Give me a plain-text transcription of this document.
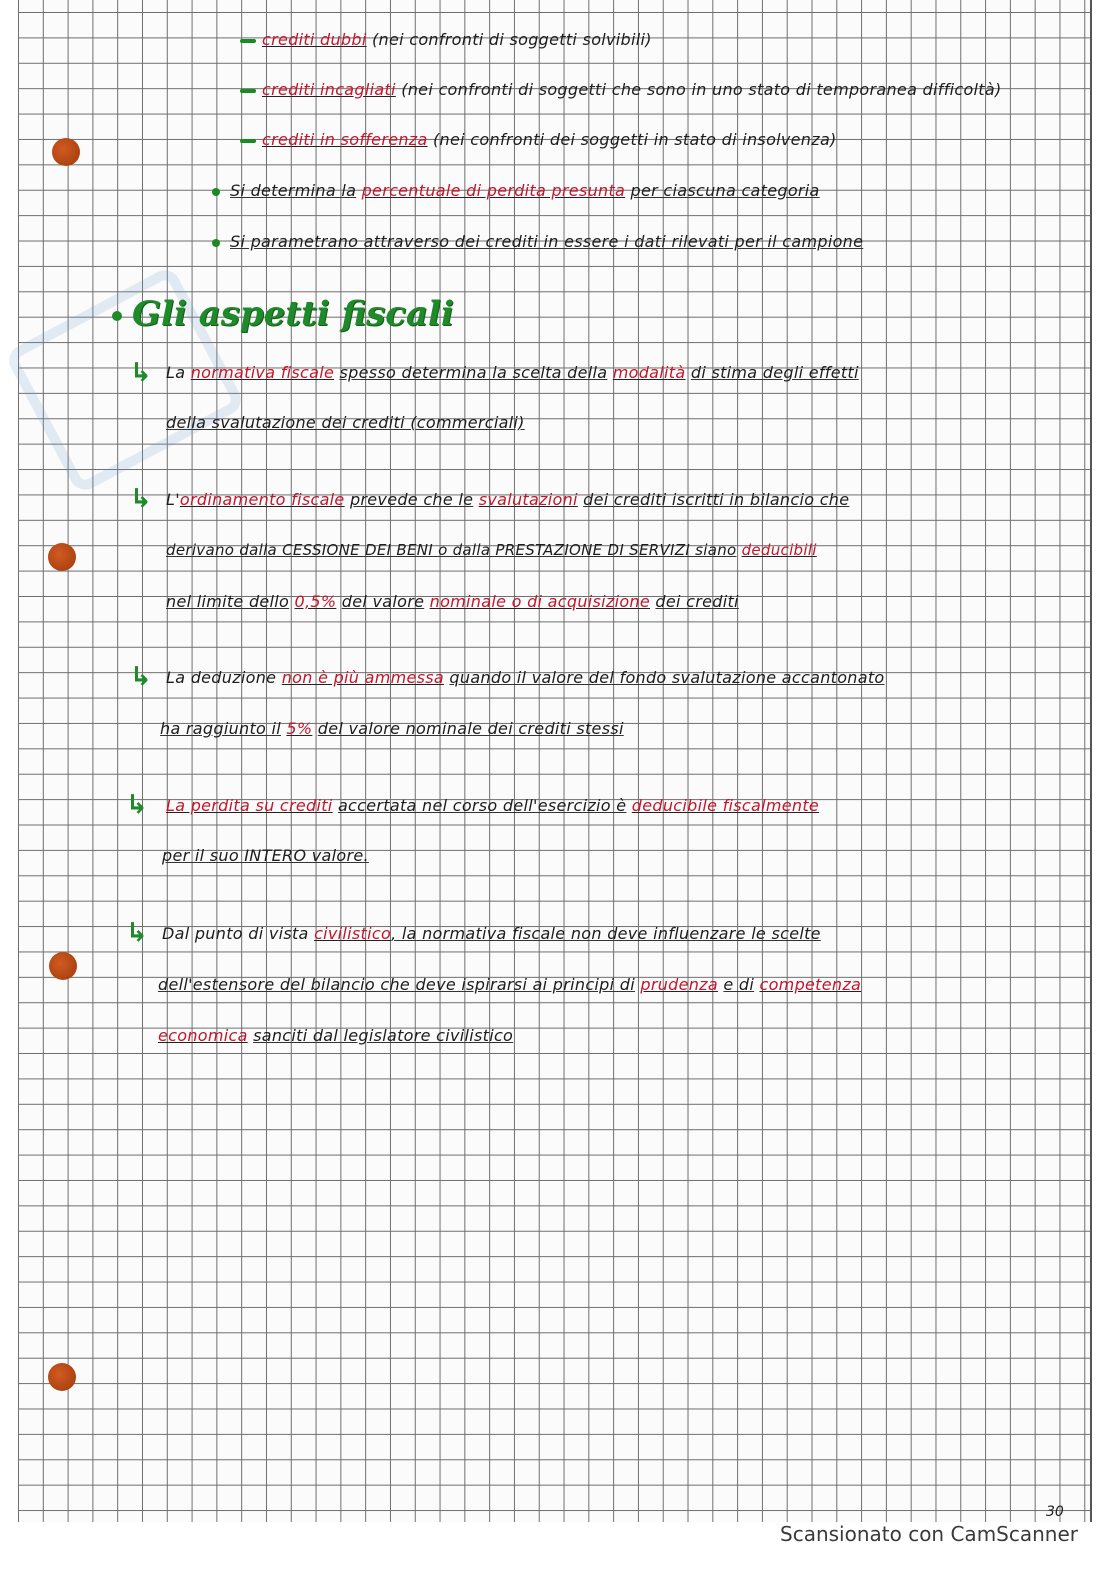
crediti dubbi (nei confronti di soggetti solvibili)
crediti incagliati (nei confronti di soggetti che sono in uno stato di temporanea difficoltà)
crediti in sofferenza (nei confronti dei soggetti in stato di insolvenza)
Si determina la percentuale di perdita presunta per ciascuna categoria
Si parametrano attraverso dei crediti in essere i dati rilevati per il campione
Gli aspetti fiscali
↳ La normativa fiscale spesso determina la scelta della modalità di stima degli effetti
della svalutazione dei crediti (commerciali)
↳ L'ordinamento fiscale prevede che le svalutazioni dei crediti iscritti in bilancio che
derivano dalla CESSIONE DEI BENI o dalla PRESTAZIONE DI SERVIZI siano deducibili
nel limite dello 0,5% del valore nominale o di acquisizione dei crediti
↳ La deduzione non è più ammessa quando il valore del fondo svalutazione accantonato
ha raggiunto il 5% del valore nominale dei crediti stessi
↳ La perdita su crediti accertata nel corso dell'esercizio è deducibile fiscalmente
per il suo INTERO valore.
↳ Dal punto di vista civilistico, la normativa fiscale non deve influenzare le scelte
dell'estensore del bilancio che deve ispirarsi ai principi di prudenza e di competenza
economica sanciti dal legislatore civilistico
30
Scansionato con CamScanner
